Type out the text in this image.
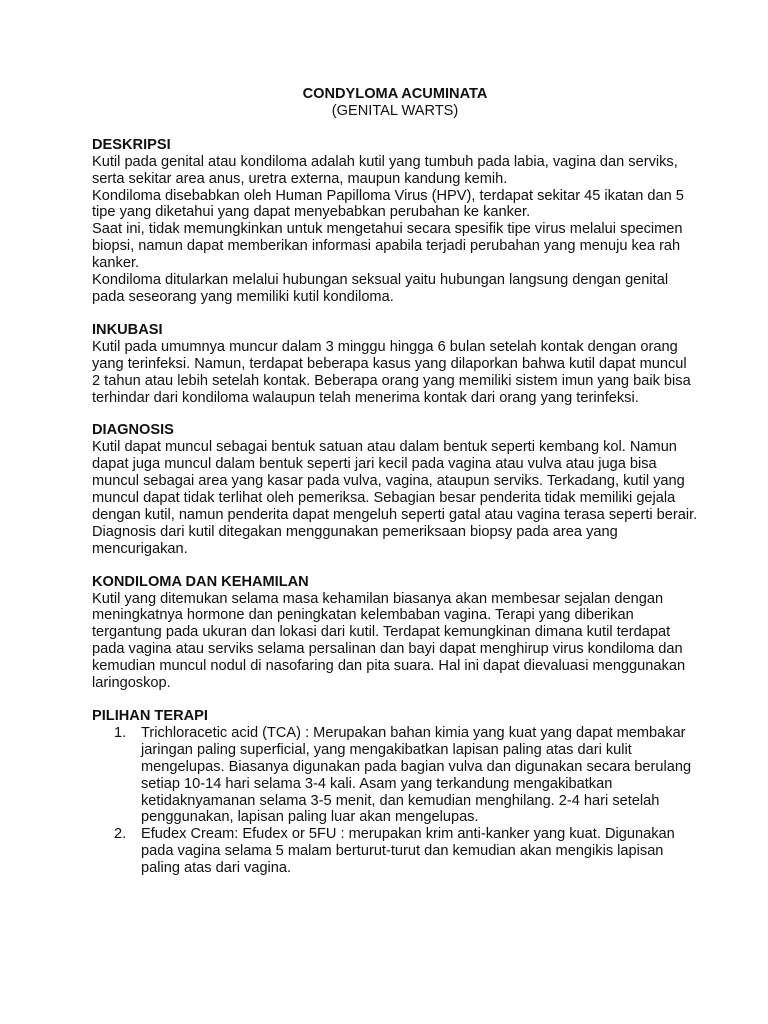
CONDYLOMA ACUMINATA

(GENITAL WARTS)

DESKRIPSI

Kutil pada genital atau kondiloma adalah kutil yang tumbuh pada labia, vagina dan serviks, serta sekitar area anus, uretra externa, maupun kandung kemih.

Kondiloma disebabkan oleh Human Papilloma Virus (HPV), terdapat sekitar 45 ikatan dan 5 tipe yang diketahui yang dapat menyebabkan perubahan ke kanker.

Saat ini, tidak memungkinkan untuk mengetahui secara spesifik tipe virus melalui specimen biopsi, namun dapat memberikan informasi apabila terjadi perubahan yang menuju kea rah kanker.

Kondiloma ditularkan melalui hubungan seksual yaitu hubungan langsung dengan genital pada seseorang yang memiliki kutil kondiloma.

INKUBASI

Kutil pada umumnya muncur dalam 3 minggu hingga 6 bulan setelah kontak dengan orang yang terinfeksi. Namun, terdapat beberapa kasus yang dilaporkan bahwa kutil dapat muncul 2 tahun atau lebih setelah kontak. Beberapa orang yang memiliki sistem imun yang baik bisa terhindar dari kondiloma walaupun telah menerima kontak dari orang yang terinfeksi.

DIAGNOSIS

Kutil dapat muncul sebagai bentuk satuan atau dalam bentuk seperti kembang kol. Namun dapat juga muncul dalam bentuk seperti jari kecil pada vagina atau vulva atau juga bisa muncul sebagai area yang kasar pada vulva, vagina, ataupun serviks. Terkadang, kutil yang muncul dapat tidak terlihat oleh pemeriksa. Sebagian besar penderita tidak memiliki gejala dengan kutil, namun penderita dapat mengeluh seperti gatal atau vagina terasa seperti berair.

Diagnosis dari kutil ditegakan menggunakan pemeriksaan biopsy pada area yang mencurigakan.

KONDILOMA DAN KEHAMILAN

Kutil yang ditemukan selama masa kehamilan biasanya akan membesar sejalan dengan meningkatnya hormone dan peningkatan kelembaban vagina. Terapi yang diberikan tergantung pada ukuran dan lokasi dari kutil. Terdapat kemungkinan dimana kutil terdapat pada vagina atau serviks selama persalinan dan bayi dapat menghirup virus kondiloma dan kemudian muncul nodul di nasofaring dan pita suara. Hal ini dapat dievaluasi menggunakan laringoskop.

PILIHAN TERAPI

1. Trichloracetic acid (TCA) : Merupakan bahan kimia yang kuat yang dapat membakar jaringan paling superficial, yang mengakibatkan lapisan paling atas dari kulit mengelupas. Biasanya digunakan pada bagian vulva dan digunakan secara berulang setiap 10-14 hari selama 3-4 kali. Asam yang terkandung mengakibatkan ketidaknyamanan selama 3-5 menit, dan kemudian menghilang. 2-4 hari setelah penggunakan, lapisan paling luar akan mengelupas.
2. Efudex Cream: Efudex or 5FU : merupakan krim anti-kanker yang kuat. Digunakan pada vagina selama 5 malam berturut-turut dan kemudian akan mengikis lapisan paling atas dari vagina.
